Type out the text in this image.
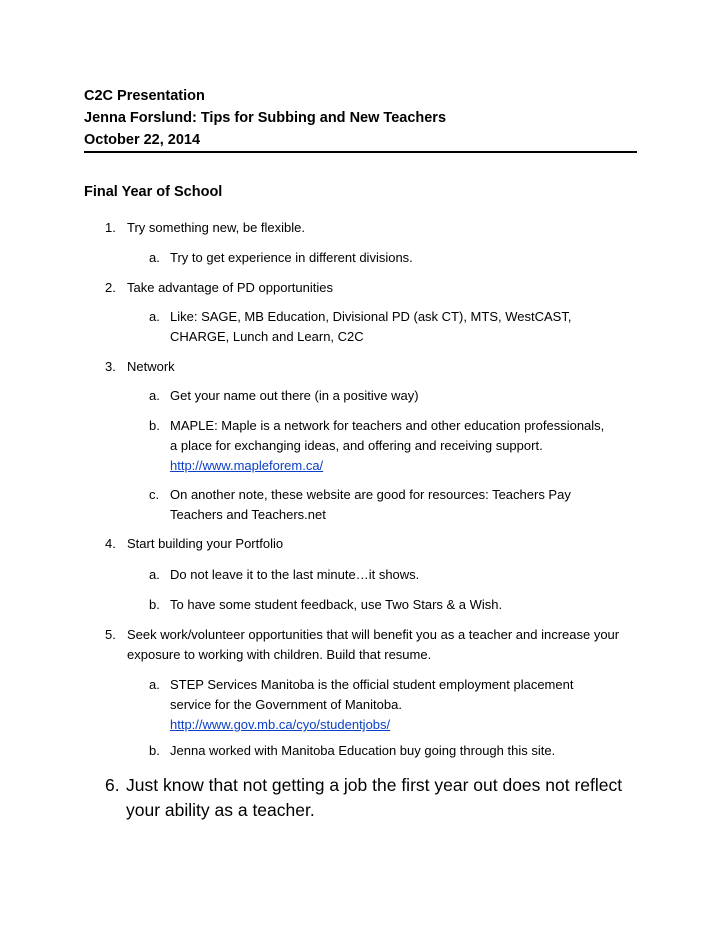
C2C Presentation
Jenna Forslund: Tips for Subbing and New Teachers
October 22, 2014
Final Year of School
1. Try something new, be flexible.
a. Try to get experience in different divisions.
2. Take advantage of PD opportunities
a. Like: SAGE, MB Education, Divisional PD (ask CT), MTS, WestCAST, CHARGE, Lunch and Learn, C2C
3. Network
a. Get your name out there (in a positive way)
b. MAPLE: Maple is a network for teachers and other education professionals, a place for exchanging ideas, and offering and receiving support. http://www.mapleforem.ca/
c. On another note, these website are good for resources: Teachers Pay Teachers and Teachers.net
4. Start building your Portfolio
a. Do not leave it to the last minute…it shows.
b. To have some student feedback, use Two Stars & a Wish.
5. Seek work/volunteer opportunities that will benefit you as a teacher and increase your exposure to working with children. Build that resume.
a. STEP Services Manitoba is the official student employment placement service for the Government of Manitoba. http://www.gov.mb.ca/cyo/studentjobs/
b. Jenna worked with Manitoba Education buy going through this site.
6. Just know that not getting a job the first year out does not reflect your ability as a teacher.
